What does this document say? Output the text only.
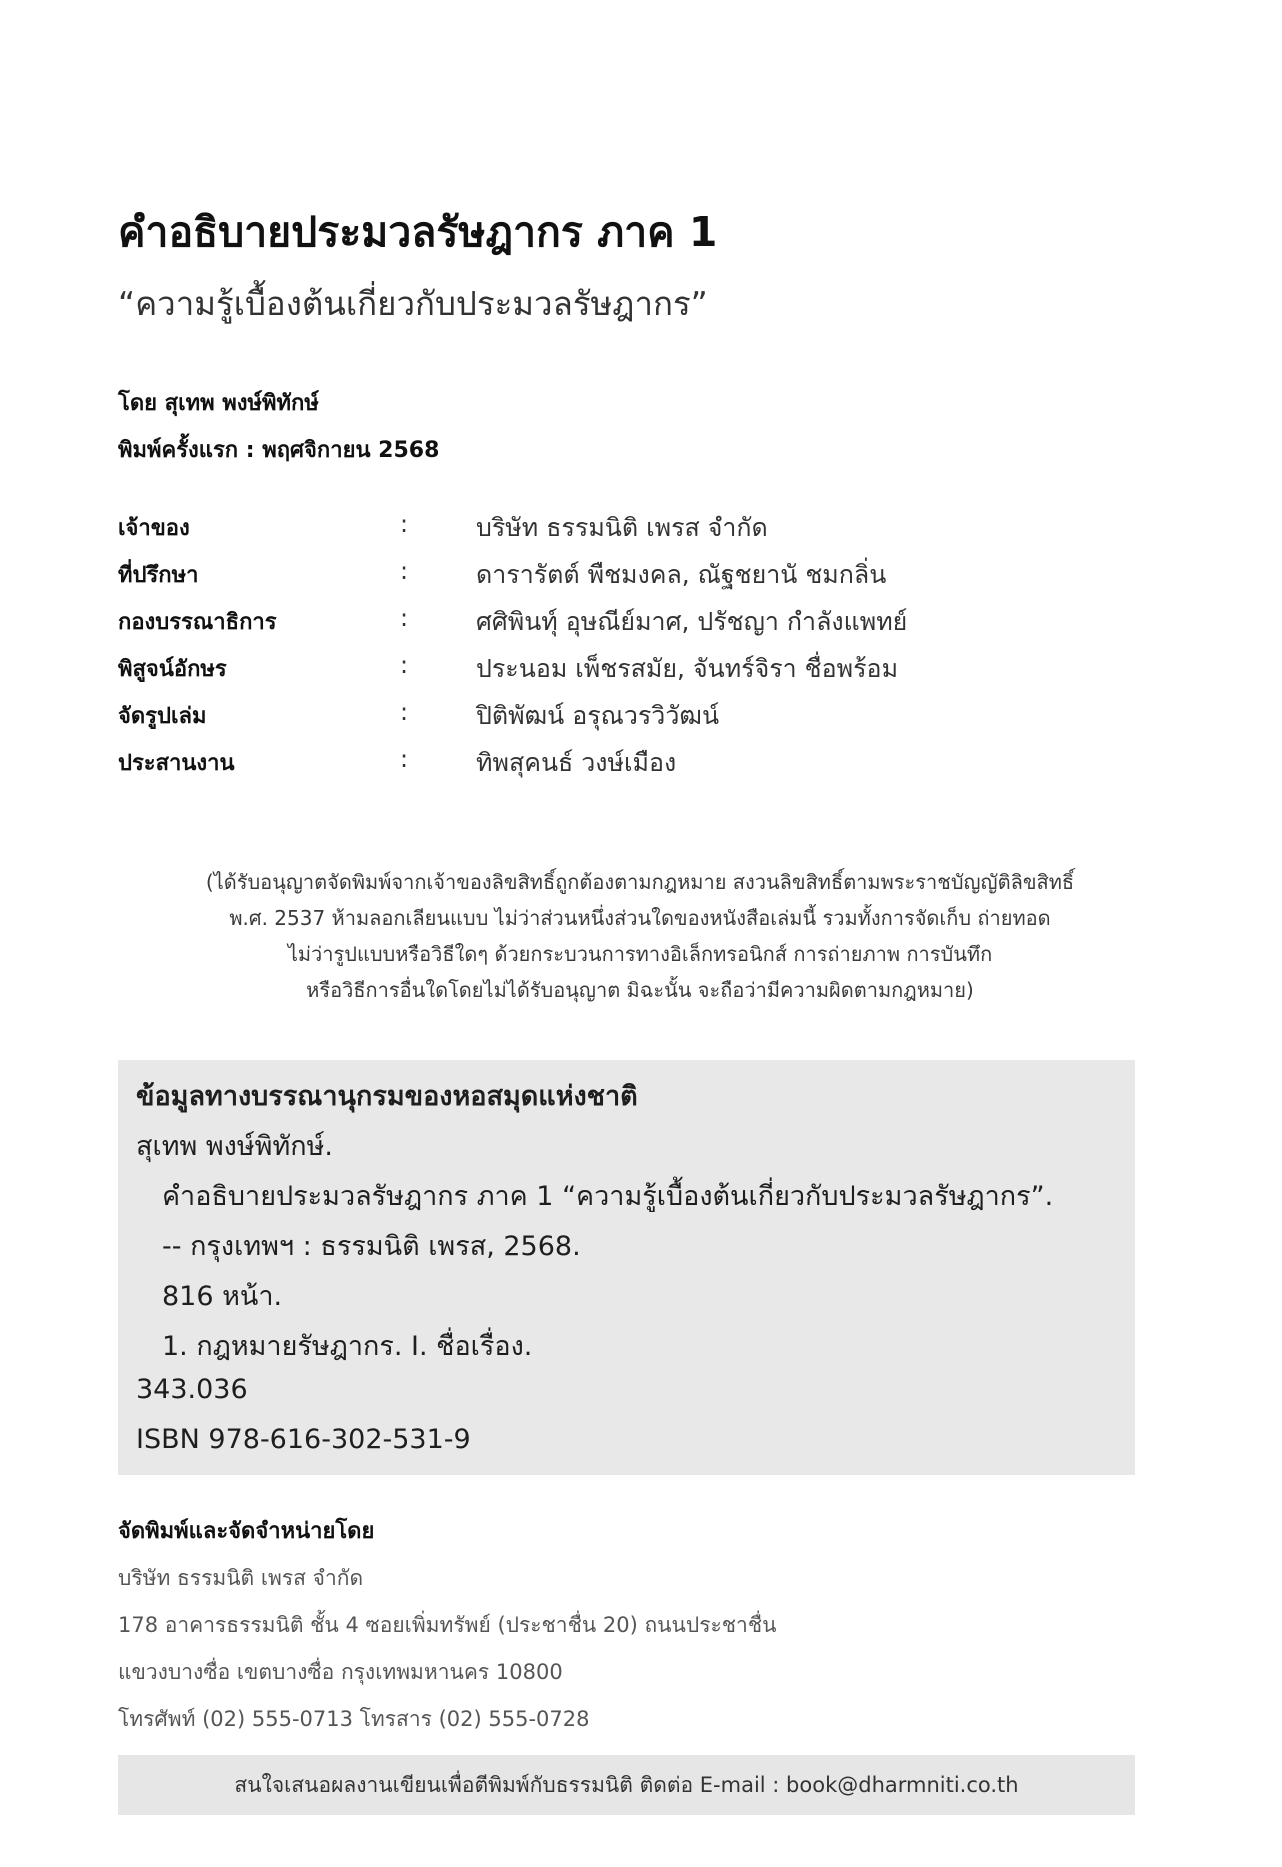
คำอธิบายประมวลรัษฎากร ภาค 1
“ความรู้เบื้องต้นเกี่ยวกับประมวลรัษฎากร”
โดย สุเทพ พงษ์พิทักษ์
พิมพ์ครั้งแรก : พฤศจิกายน 2568
เจ้าของ	:	บริษัท ธรรมนิติ เพรส จำกัด
ที่ปรึกษา	:	ดารารัตต์ พืชมงคล, ณัฐชยานั ชมกลิ่น
กองบรรณาธิการ	:	ศศิพินทุ์ อุษณีย์มาศ, ปรัชญา กำลังแพทย์
พิสูจน์อักษร	:	ประนอม เพ็ชรสมัย, จันทร์จิรา ชื่อพร้อม
จัดรูปเล่ม	:	ปิติพัฒน์ อรุณวรวิวัฒน์
ประสานงาน	:	ทิพสุคนธ์ วงษ์เมือง
(ได้รับอนุญาตจัดพิมพ์จากเจ้าของลิขสิทธิ์ถูกต้องตามกฎหมาย สงวนลิขสิทธิ์ตามพระราชบัญญัติลิขสิทธิ์
พ.ศ. 2537 ห้ามลอกเลียนแบบ ไม่ว่าส่วนหนึ่งส่วนใดของหนังสือเล่มนี้ รวมทั้งการจัดเก็บ ถ่ายทอด
ไม่ว่ารูปแบบหรือวิธีใดๆ ด้วยกระบวนการทางอิเล็กทรอนิกส์ การถ่ายภาพ การบันทึก
หรือวิธีการอื่นใดโดยไม่ได้รับอนุญาต มิฉะนั้น จะถือว่ามีความผิดตามกฎหมาย)
ข้อมูลทางบรรณานุกรมของหอสมุดแห่งชาติ
สุเทพ พงษ์พิทักษ์.
คำอธิบายประมวลรัษฎากร ภาค 1 “ความรู้เบื้องต้นเกี่ยวกับประมวลรัษฎากร”.
-- กรุงเทพฯ : ธรรมนิติ เพรส, 2568.
816 หน้า.
1. กฎหมายรัษฎากร. I. ชื่อเรื่อง.
343.036
ISBN 978-616-302-531-9
จัดพิมพ์และจัดจำหน่ายโดย
บริษัท ธรรมนิติ เพรส จำกัด
178 อาคารธรรมนิติ ชั้น 4 ซอยเพิ่มทรัพย์ (ประชาชื่น 20) ถนนประชาชื่น
แขวงบางซื่อ เขตบางซื่อ กรุงเทพมหานคร 10800
โทรศัพท์ (02) 555-0713 โทรสาร (02) 555-0728
สนใจเสนอผลงานเขียนเพื่อตีพิมพ์กับธรรมนิติ ติดต่อ E-mail : book@dharmniti.co.th
